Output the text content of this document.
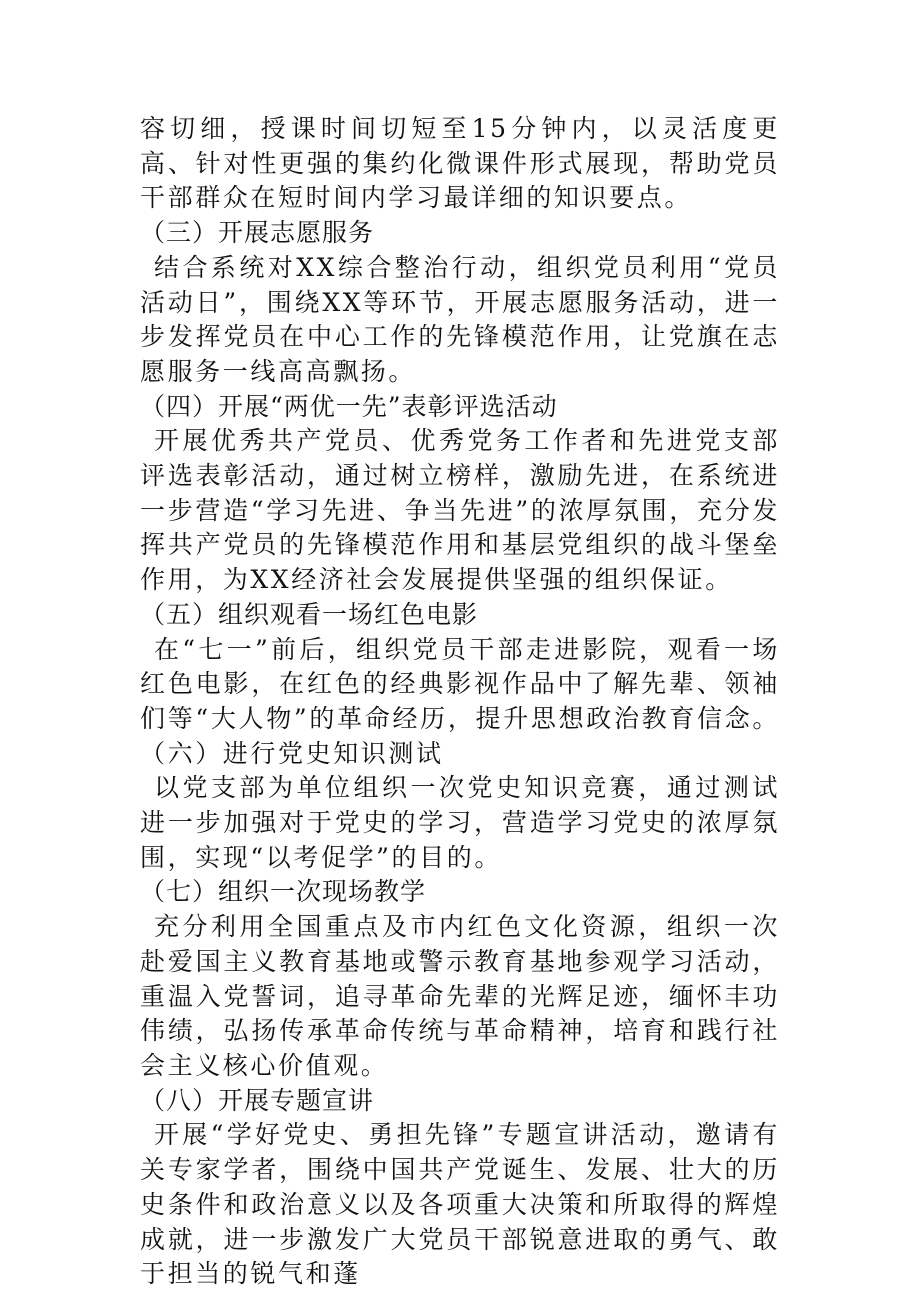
容切细，授课时间切短至15分钟内，以灵活度更高、针对性更强的集约化微课件形式展现，帮助党员干部群众在短时间内学习最详细的知识要点。

（三）开展志愿服务

结合系统对XX综合整治行动，组织党员利用“党员活动日”，围绕XX等环节，开展志愿服务活动，进一步发挥党员在中心工作的先锋模范作用，让党旗在志愿服务一线高高飘扬。

（四）开展“两优一先”表彰评选活动

开展优秀共产党员、优秀党务工作者和先进党支部评选表彰活动，通过树立榜样，激励先进，在系统进一步营造“学习先进、争当先进”的浓厚氛围，充分发挥共产党员的先锋模范作用和基层党组织的战斗堡垒作用，为XX经济社会发展提供坚强的组织保证。

（五）组织观看一场红色电影

在“七一”前后，组织党员干部走进影院，观看一场红色电影，在红色的经典影视作品中了解先辈、领袖们等“大人物”的革命经历，提升思想政治教育信念。（六）进行党史知识测试

以党支部为单位组织一次党史知识竞赛，通过测试进一步加强对于党史的学习，营造学习党史的浓厚氛围，实现“以考促学”的目的。

（七）组织一次现场教学

充分利用全国重点及市内红色文化资源，组织一次赴爱国主义教育基地或警示教育基地参观学习活动，重温入党誓词，追寻革命先辈的光辉足迹，缅怀丰功伟绩，弘扬传承革命传统与革命精神，培育和践行社会主义核心价值观。

（八）开展专题宣讲

开展“学好党史、勇担先锋”专题宣讲活动，邀请有关专家学者，围绕中国共产党诞生、发展、壮大的历史条件和政治意义以及各项重大决策和所取得的辉煌成就，进一步激发广大党员干部锐意进取的勇气、敢于担当的锐气和蓬
